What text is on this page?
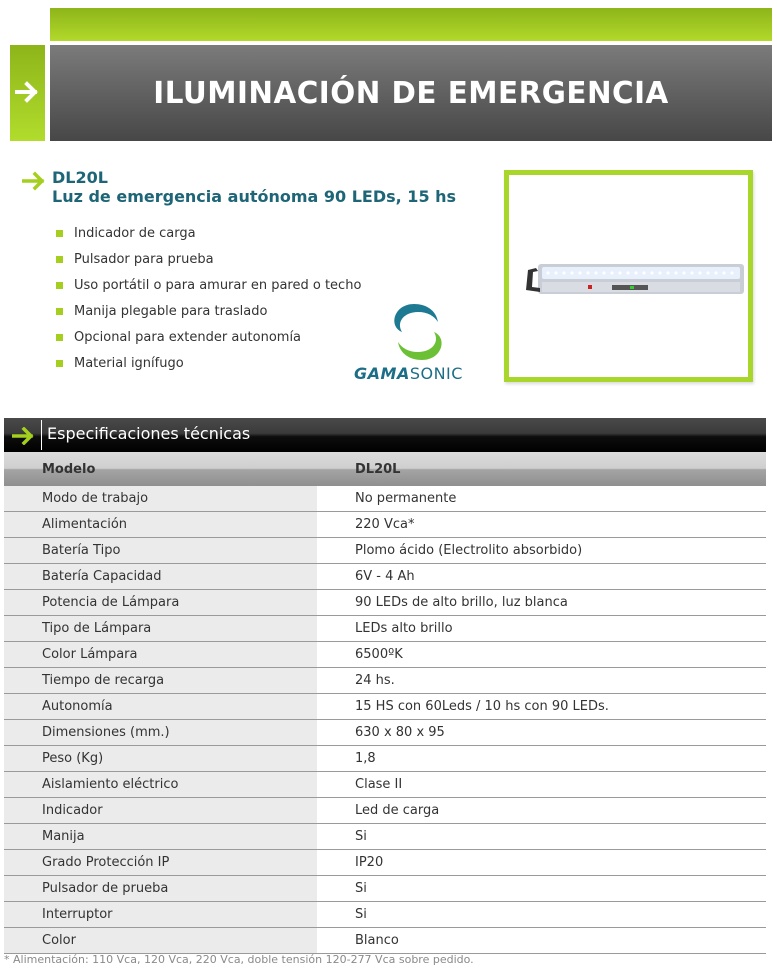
ILUMINACIÓN DE EMERGENCIA
DL20L
Luz de emergencia autónoma 90 LEDs, 15 hs
Indicador de carga
Pulsador para prueba
Uso portátil o para amurar en pared o techo
Manija plegable para traslado
Opcional para extender autonomía
Material ignífugo
GAMASONIC
Especificaciones técnicas
Modelo	DL20L
Modo de trabajo	No permanente
Alimentación	220 Vca*
Batería Tipo	Plomo ácido (Electrolito absorbido)
Batería Capacidad	6V - 4 Ah
Potencia de Lámpara	90 LEDs de alto brillo, luz blanca
Tipo de Lámpara	LEDs alto brillo
Color Lámpara	6500ºK
Tiempo de recarga	24 hs.
Autonomía	15 HS con 60Leds / 10 hs con 90 LEDs.
Dimensiones (mm.)	630 x 80 x 95
Peso (Kg)	1,8
Aislamiento eléctrico	Clase II
Indicador	Led de carga
Manija	Si
Grado Protección IP	IP20
Pulsador de prueba	Si
Interruptor	Si
Color	Blanco
* Alimentación: 110 Vca, 120 Vca, 220 Vca, doble tensión 120-277 Vca sobre pedido.
